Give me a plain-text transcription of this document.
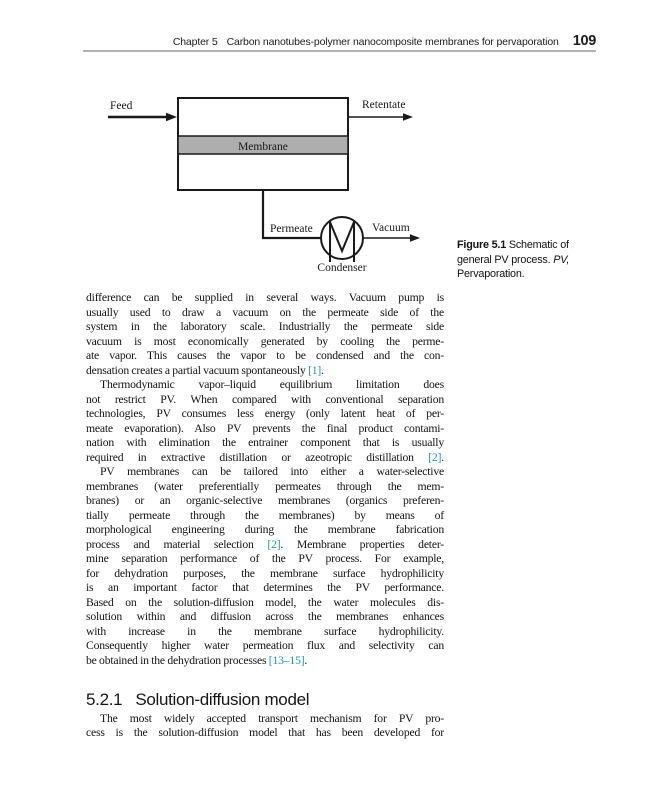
Chapter 5 Carbon nanotubes-polymer nanocomposite membranes for pervaporation 109
Membrane
Feed	Retentate
Permeate
Condenser
Vacuum
Figure 5.1 Schematic of
general PV process. PV,
Pervaporation.
difference can be supplied in several ways. Vacuum pump is
usually used to draw a vacuum on the permeate side of the
system in the laboratory scale. Industrially the permeate side
vacuum is most economically generated by cooling the perme-
ate vapor. This causes the vapor to be condensed and the con-
densation creates a partial vacuum spontaneously [1].
Thermodynamic vapor–liquid equilibrium limitation does
not restrict PV. When compared with conventional separation
technologies, PV consumes less energy (only latent heat of per-
meate evaporation). Also PV prevents the final product contami-
nation with elimination the entrainer component that is usually
required in extractive distillation or azeotropic distillation [2].
PV membranes can be tailored into either a water-selective
membranes (water preferentially permeates through the mem-
branes) or an organic-selective membranes (organics preferen-
tially permeate through the membranes) by means of
morphological engineering during the membrane fabrication
process and material selection [2]. Membrane properties deter-
mine separation performance of the PV process. For example,
for dehydration purposes, the membrane surface hydrophilicity
is an important factor that determines the PV performance.
Based on the solution-diffusion model, the water molecules dis-
solution within and diffusion across the membranes enhances
with increase in the membrane surface hydrophilicity.
Consequently higher water permeation flux and selectivity can
be obtained in the dehydration processes [13–15].
5.2.1 Solution-diffusion model
The most widely accepted transport mechanism for PV pro-
cess is the solution-diffusion model that has been developed for
